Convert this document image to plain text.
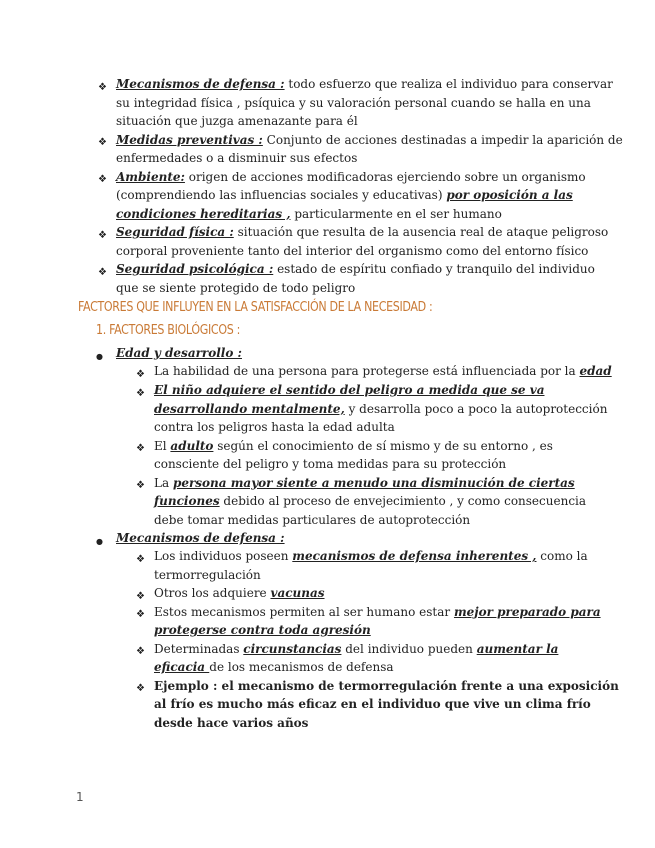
❖ Mecanismos de defensa : todo esfuerzo que realiza el individuo para conservar
su integridad física , psíquica y su valoración personal cuando se halla en una
situación que juzga amenazante para él
❖ Medidas preventivas : Conjunto de acciones destinadas a impedir la aparición de
enfermedades o a disminuir sus efectos
❖ Ambiente: origen de acciones modificadoras ejerciendo sobre un organismo
(comprendiendo las influencias sociales y educativas) por oposición a las
condiciones hereditarias , particularmente en el ser humano
❖ Seguridad física : situación que resulta de la ausencia real de ataque peligroso
corporal proveniente tanto del interior del organismo como del entorno físico
❖ Seguridad psicológica : estado de espíritu confiado y tranquilo del individuo
que se siente protegido de todo peligro
FACTORES QUE INFLUYEN EN LA SATISFACCIÓN DE LA NECESIDAD :
1. FACTORES BIOLÓGICOS :
● Edad y desarrollo :
❖ La habilidad de una persona para protegerse está influenciada por la edad
❖ El niño adquiere el sentido del peligro a medida que se va
desarrollando mentalmente, y desarrolla poco a poco la autoprotección
contra los peligros hasta la edad adulta
❖ El adulto según el conocimiento de sí mismo y de su entorno , es
consciente del peligro y toma medidas para su protección
❖ La persona mayor siente a menudo una disminución de ciertas
funciones debido al proceso de envejecimiento , y como consecuencia
debe tomar medidas particulares de autoprotección
● Mecanismos de defensa :
❖ Los individuos poseen mecanismos de defensa inherentes , como la
termorregulación
❖ Otros los adquiere vacunas
❖ Estos mecanismos permiten al ser humano estar mejor preparado para
protegerse contra toda agresión
❖ Determinadas circunstancias del individuo pueden aumentar la
eficacia de los mecanismos de defensa
❖ Ejemplo : el mecanismo de termorregulación frente a una exposición
al frío es mucho más eficaz en el individuo que vive un clima frío
desde hace varios años
1
